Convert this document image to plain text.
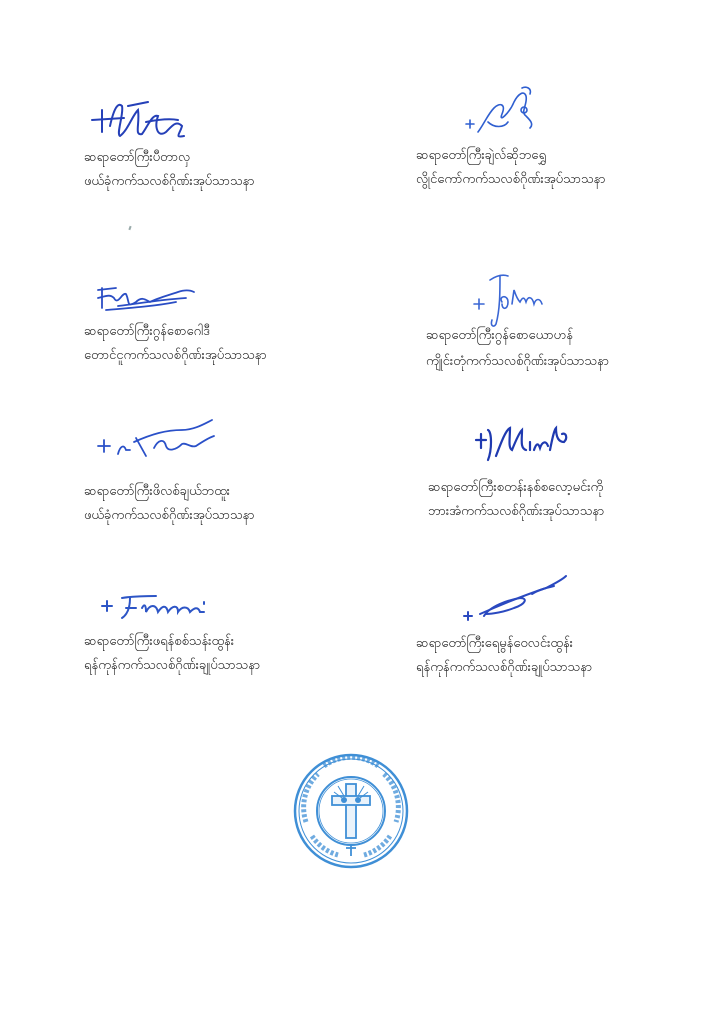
ဆရာတော်ကြီးပီတာလှ
ဖယ်ခုံကက်သလစ်ဂိုဏ်းအုပ်သာသနာ
ဆရာတော်ကြီးဂွန်စောဂေါဒီ
တောင်ငူကက်သလစ်ဂိုဏ်းအုပ်သာသနာ
ဆရာတော်ကြီးဖိလစ်ချယ်ဘထူး
ဖယ်ခုံကက်သလစ်ဂိုဏ်းအုပ်သာသနာ
ဆရာတော်ကြီးဖရန်စစ်သန်းထွန်း
ရန်ကုန်ကက်သလစ်ဂိုဏ်းချုပ်သာသနာ
ဆရာတော်ကြီးချဲလ်ဆိုဘရွှေ
လွိုင်ကော်ကက်သလစ်ဂိုဏ်းအုပ်သာသနာ
ဆရာတော်ကြီးဂွန်စောယောဟန်
ကျိုင်းတုံကက်သလစ်ဂိုဏ်းအုပ်သာသနာ
ဆရာတော်ကြီးစတန်းနစ်စလော့မင်းကို
ဘားအံကက်သလစ်ဂိုဏ်းအုပ်သာသနာ
ဆရာတော်ကြီးရေမွန်ဝေလင်းထွန်း
ရန်ကုန်ကက်သလစ်ဂိုဏ်းချုပ်သာသနာ
